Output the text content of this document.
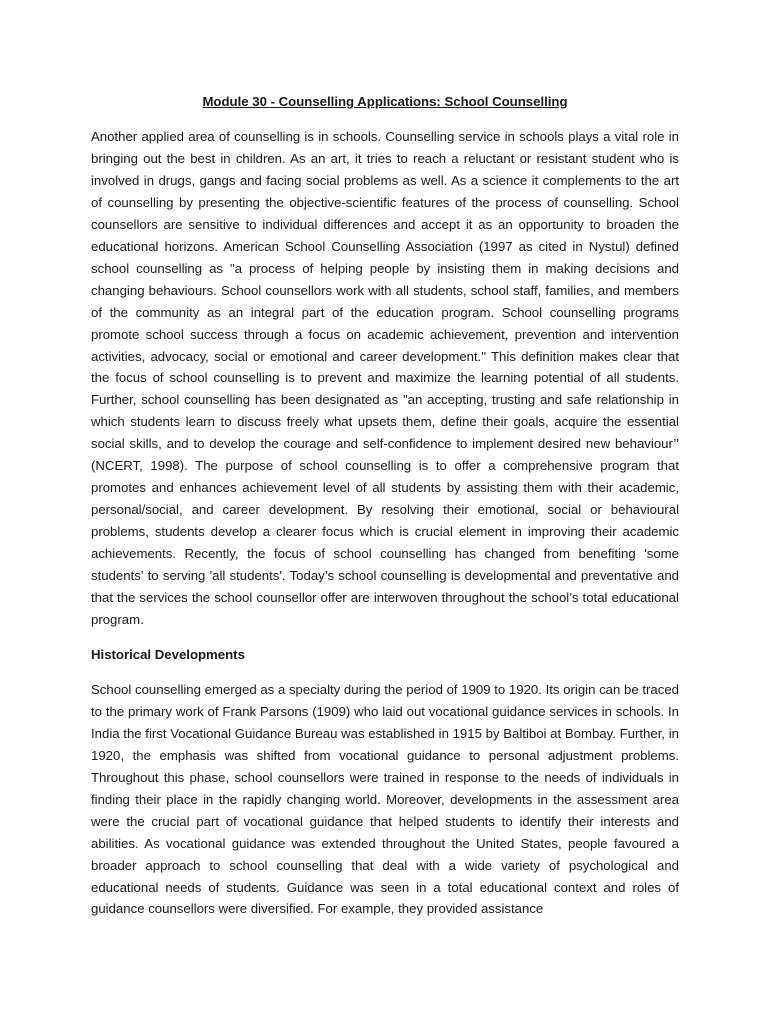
Module 30 - Counselling Applications: School Counselling

Another applied area of counselling is in schools. Counselling service in schools plays a vital role in bringing out the best in children. As an art, it tries to reach a reluctant or resistant student who is involved in drugs, gangs and facing social problems as well. As a science it complements to the art of counselling by presenting the objective-scientific features of the process of counselling. School counsellors are sensitive to individual differences and accept it as an opportunity to broaden the educational horizons. American School Counselling Association (1997 as cited in Nystul) defined school counselling as "a process of helping people by insisting them in making decisions and changing behaviours. School counsellors work with all students, school staff, families, and members of the community as an integral part of the education program. School counselling programs promote school success through a focus on academic achievement, prevention and intervention activities, advocacy, social or emotional and career development." This definition makes clear that the focus of school counselling is to prevent and maximize the learning potential of all students. Further, school counselling has been designated as "an accepting, trusting and safe relationship in which students learn to discuss freely what upsets them, define their goals, acquire the essential social skills, and to develop the courage and self-confidence to implement desired new behaviour’’ (NCERT, 1998). The purpose of school counselling is to offer a comprehensive program that promotes and enhances achievement level of all students by assisting them with their academic, personal/social, and career development. By resolving their emotional, social or behavioural problems, students develop a clearer focus which is crucial element in improving their academic achievements. Recently, the focus of school counselling has changed from benefiting 'some students' to serving 'all students'. Today’s school counselling is developmental and preventative and that the services the school counsellor offer are interwoven throughout the school’s total educational program.

Historical Developments

School counselling emerged as a specialty during the period of 1909 to 1920. Its origin can be traced to the primary work of Frank Parsons (1909) who laid out vocational guidance services in schools. In India the first Vocational Guidance Bureau was established in 1915 by Baltiboi at Bombay. Further, in 1920, the emphasis was shifted from vocational guidance to personal adjustment problems. Throughout this phase, school counsellors were trained in response to the needs of individuals in finding their place in the rapidly changing world. Moreover, developments in the assessment area were the crucial part of vocational guidance that helped students to identify their interests and abilities. As vocational guidance was extended throughout the United States, people favoured a broader approach to school counselling that deal with a wide variety of psychological and educational needs of students. Guidance was seen in a total educational context and roles of guidance counsellors were diversified. For example, they provided assistance
